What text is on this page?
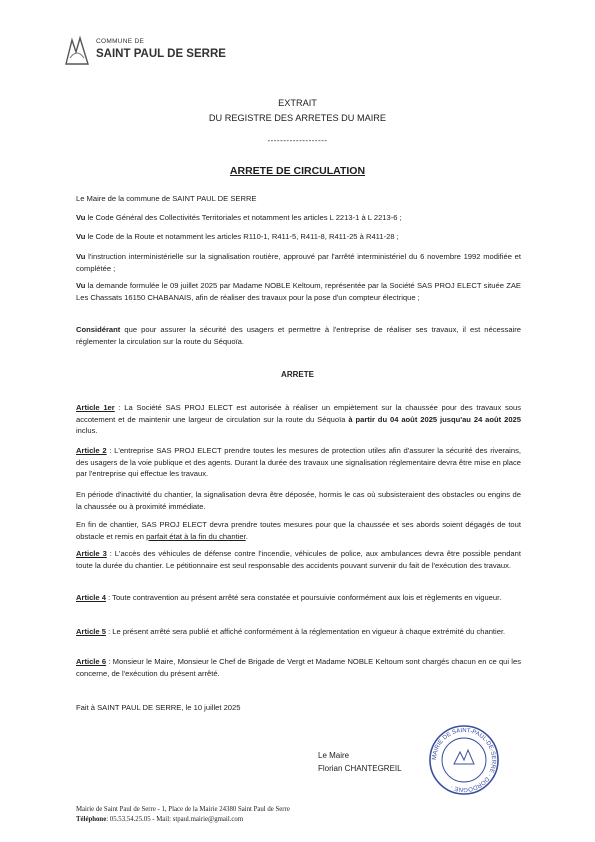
COMMUNE DE
SAINT PAUL DE SERRE
EXTRAIT
DU REGISTRE DES ARRETES DU MAIRE
-------------------
ARRETE DE CIRCULATION
Le Maire de la commune de SAINT PAUL DE SERRE
Vu le Code Général des Collectivités Territoriales et notamment les articles L 2213-1 à L 2213-6 ;
Vu le Code de la Route et notamment les articles R110-1, R411-5, R411-8, R411-25 à R411-28 ;
Vu l'instruction interministérielle sur la signalisation routière, approuvé par l'arrêté interministériel du 6 novembre 1992 modifiée et complétée ;
Vu la demande formulée le 09 juillet 2025 par Madame NOBLE Keltoum, représentée par la Société SAS PROJ ELECT située ZAE Les Chassats 16150 CHABANAIS, afin de réaliser des travaux pour la pose d'un compteur électrique ;
Considérant que pour assurer la sécurité des usagers et permettre à l'entreprise de réaliser ses travaux, il est nécessaire réglementer la circulation sur la route du Séquoïa.
ARRETE
Article 1er : La Société SAS PROJ ELECT est autorisée à réaliser un empiètement sur la chaussée pour des travaux sous accotement et de maintenir une largeur de circulation sur la route du Séquoïa à partir du 04 août 2025 jusqu'au 24 août 2025 inclus.
Article 2 : L'entreprise SAS PROJ ELECT prendre toutes les mesures de protection utiles afin d'assurer la sécurité des riverains, des usagers de la voie publique et des agents. Durant la durée des travaux une signalisation réglementaire devra être mise en place par l'entreprise qui effectue les travaux.
En période d'inactivité du chantier, la signalisation devra être déposée, hormis le cas où subsisteraient des obstacles ou engins de la chaussée ou à proximité immédiate.
En fin de chantier, SAS PROJ ELECT devra prendre toutes mesures pour que la chaussée et ses abords soient dégagés de tout obstacle et remis en parfait état à la fin du chantier.
Article 3 : L'accès des véhicules de défense contre l'incendie, véhicules de police, aux ambulances devra être possible pendant toute la durée du chantier. Le pétitionnaire est seul responsable des accidents pouvant survenir du fait de l'exécution des travaux.
Article 4 : Toute contravention au présent arrêté sera constatée et poursuivie conformément aux lois et règlements en vigueur.
Article 5 : Le présent arrêté sera publié et affiché conformément à la réglementation en vigueur à chaque extrémité du chantier.
Article 6 : Monsieur le Maire, Monsieur le Chef de Brigade de Vergt et Madame NOBLE Keltoum sont chargés chacun en ce qui les concerne, de l'exécution du présent arrêté.
Fait à SAINT PAUL DE SERRE, le 10 juillet 2025
Le Maire
Florian CHANTEGREIL
MAIRIE DE SAINT-PAUL-DE-SERRE · DORDOGNE ·
Mairie de Saint Paul de Serre - 1, Place de la Mairie 24380 Saint Paul de Serre
Téléphone: 05.53.54.25.05 - Mail: stpaul.mairie@gmail.com
